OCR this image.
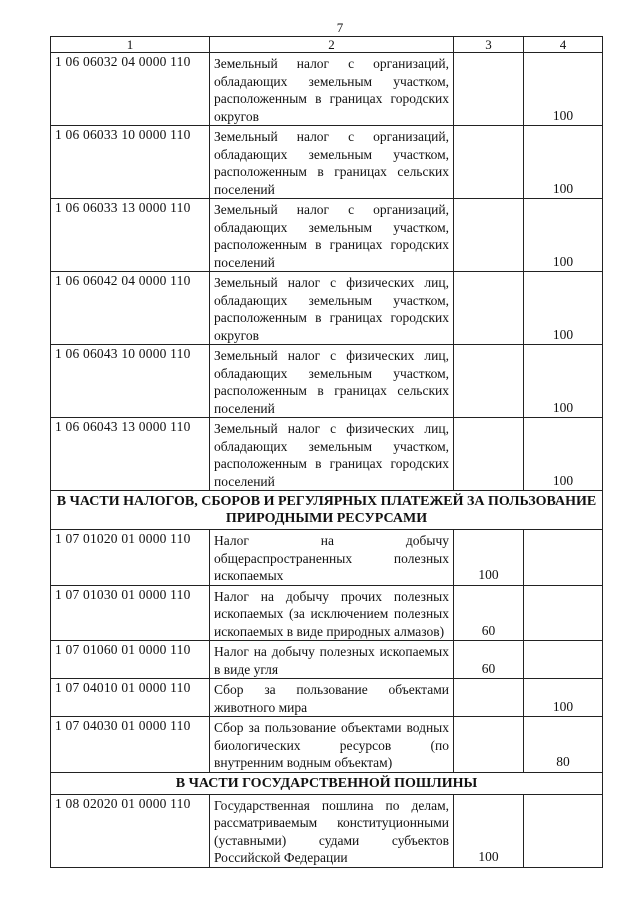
7
1	2	3	4
1 06 06032 04 0000 110	Земельный налог с организаций, обладающих земельным участком, расположенным в границах городских округов		100
1 06 06033 10 0000 110	Земельный налог с организаций, обладающих земельным участком, расположенным в границах сельских поселений		100
1 06 06033 13 0000 110	Земельный налог с организаций, обладающих земельным участком, расположенным в границах городских поселений		100
1 06 06042 04 0000 110	Земельный налог с физических лиц, обладающих земельным участком, расположенным в границах городских округов		100
1 06 06043 10 0000 110	Земельный налог с физических лиц, обладающих земельным участком, расположенным в границах сельских поселений		100
1 06 06043 13 0000 110	Земельный налог с физических лиц, обладающих земельным участком, расположенным в границах городских поселений		100
В ЧАСТИ НАЛОГОВ, СБОРОВ И РЕГУЛЯРНЫХ ПЛАТЕЖЕЙ ЗА ПОЛЬЗОВАНИЕ ПРИРОДНЫМИ РЕСУРСАМИ			
1 07 01020 01 0000 110	Налог на добычу общераспространенных полезных ископаемых	100	
1 07 01030 01 0000 110	Налог на добычу прочих полезных ископаемых (за исключением полезных ископаемых в виде природных алмазов)	60	
1 07 01060 01 0000 110	Налог на добычу полезных ископаемых в виде угля	60	
1 07 04010 01 0000 110	Сбор за пользование объектами животного мира		100
1 07 04030 01 0000 110	Сбор за пользование объектами водных биологических ресурсов (по внутренним водным объектам)		80
В ЧАСТИ ГОСУДАРСТВЕННОЙ ПОШЛИНЫ			
1 08 02020 01 0000 110	Государственная пошлина по делам, рассматриваемым конституционными (уставными) судами субъектов Российской Федерации	100	
